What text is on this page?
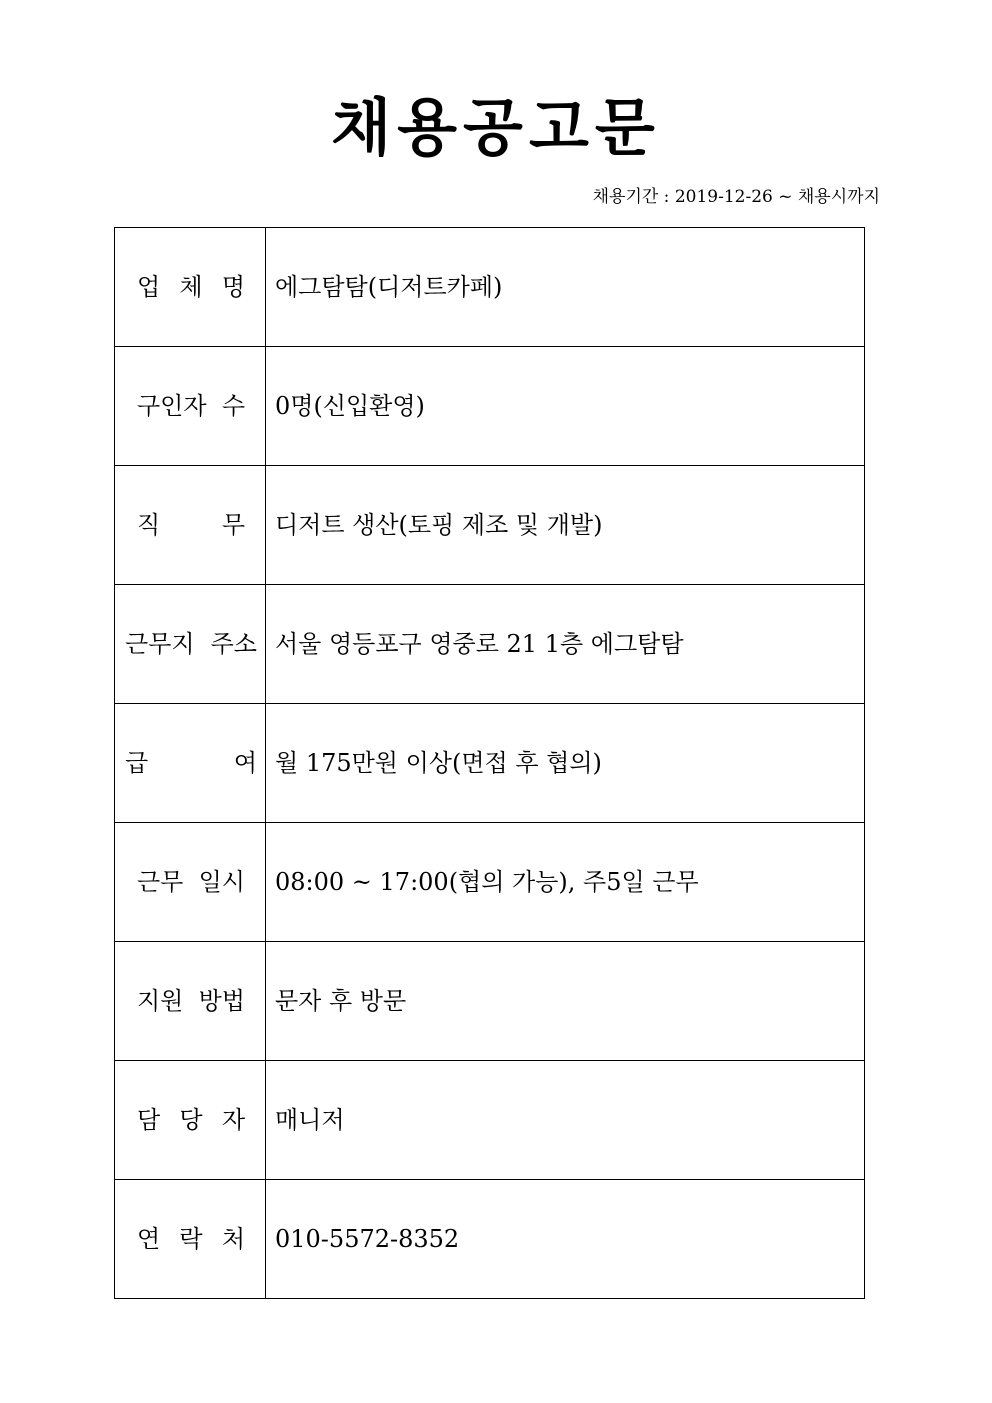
채용공고문
채용기간 : 2019-12-26 ~ 채용시까지
업 체 명	에그탐탐(디저트카페)

구인자 수	0명(신입환영)

직 무	디저트 생산(토핑 제조 및 개발)

근무지 주소	서울 영등포구 영중로 21 1층 에그탐탐

급 여	월 175만원 이상(면접 후 협의)

근무 일시	08:00 ~ 17:00(협의 가능), 주5일 근무

지원 방법	문자 후 방문

담 당 자	매니저

연 락 처	010-5572-8352
